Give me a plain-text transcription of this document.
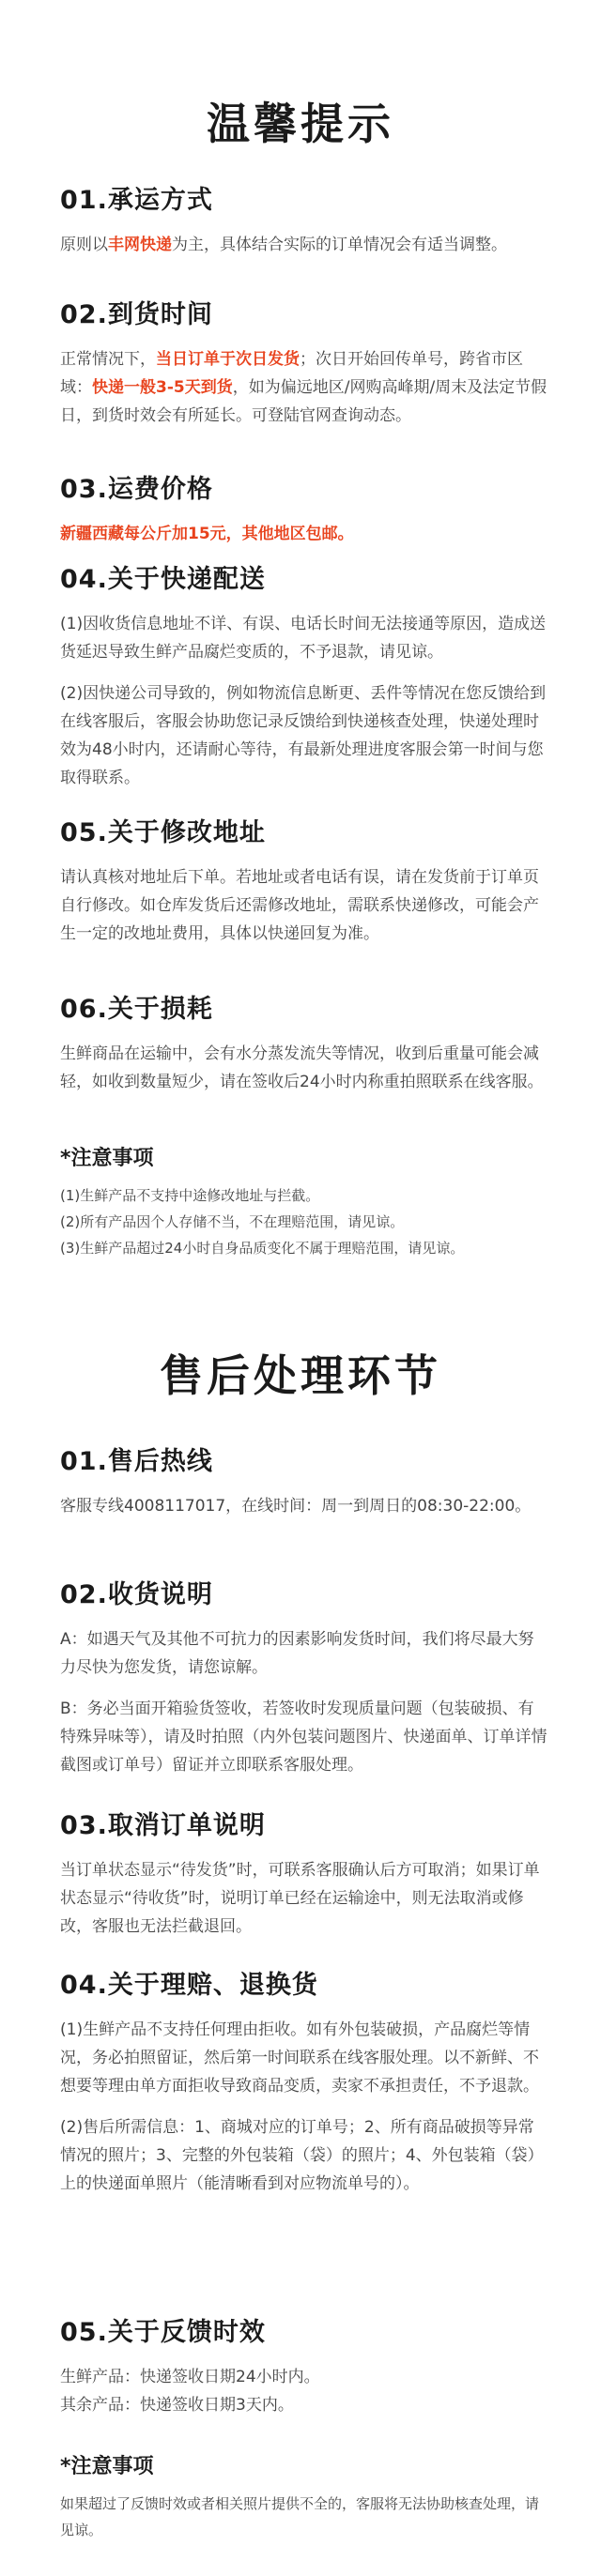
温馨提示
01.承运方式

原则以丰网快递为主，具体结合实际的订单情况会有适当调整。

02.到货时间

正常情况下，当日订单于次日发货；次日开始回传单号，跨省市区域：快递一般3-5天到货，如为偏远地区/网购高峰期/周末及法定节假日，到货时效会有所延长。可登陆官网查询动态。

03.运费价格

新疆西藏每公斤加15元，其他地区包邮。

04.关于快递配送

(1)因收货信息地址不详、有误、电话长时间无法接通等原因，造成送货延迟导致生鲜产品腐烂变质的，不予退款，请见谅。

(2)因快递公司导致的，例如物流信息断更、丢件等情况在您反馈给到在线客服后，客服会协助您记录反馈给到快递核查处理，快递处理时效为48小时内，还请耐心等待，有最新处理进度客服会第一时间与您取得联系。

05.关于修改地址

请认真核对地址后下单。若地址或者电话有误，请在发货前于订单页自行修改。如仓库发货后还需修改地址，需联系快递修改，可能会产生一定的改地址费用，具体以快递回复为准。

06.关于损耗

生鲜商品在运输中，会有水分蒸发流失等情况，收到后重量可能会减轻，如收到数量短少，请在签收后24小时内称重拍照联系在线客服。

*注意事项

(1)生鲜产品不支持中途修改地址与拦截。

(2)所有产品因个人存储不当，不在理赔范围，请见谅。

(3)生鲜产品超过24小时自身品质变化不属于理赔范围，请见谅。

售后处理环节
01.售后热线

客服专线4008117017，在线时间：周一到周日的08:30-22:00。

02.收货说明

A：如遇天气及其他不可抗力的因素影响发货时间，我们将尽最大努力尽快为您发货，请您谅解。

B：务必当面开箱验货签收，若签收时发现质量问题（包装破损、有特殊异味等），请及时拍照（内外包装问题图片、快递面单、订单详情截图或订单号）留证并立即联系客服处理。

03.取消订单说明

当订单状态显示“待发货”时，可联系客服确认后方可取消；如果订单状态显示“待收货”时，说明订单已经在运输途中，则无法取消或修改，客服也无法拦截退回。

04.关于理赔、退换货

(1)生鲜产品不支持任何理由拒收。如有外包装破损，产品腐烂等情况，务必拍照留证，然后第一时间联系在线客服处理。以不新鲜、不想要等理由单方面拒收导致商品变质，卖家不承担责任，不予退款。

(2)售后所需信息：1、商城对应的订单号；2、所有商品破损等异常情况的照片；3、完整的外包装箱（袋）的照片；4、外包装箱（袋）上的快递面单照片（能清晰看到对应物流单号的）。

05.关于反馈时效

生鲜产品：快递签收日期24小时内。

其余产品：快递签收日期3天内。

*注意事项

如果超过了反馈时效或者相关照片提供不全的，客服将无法协助核查处理，请见谅。
